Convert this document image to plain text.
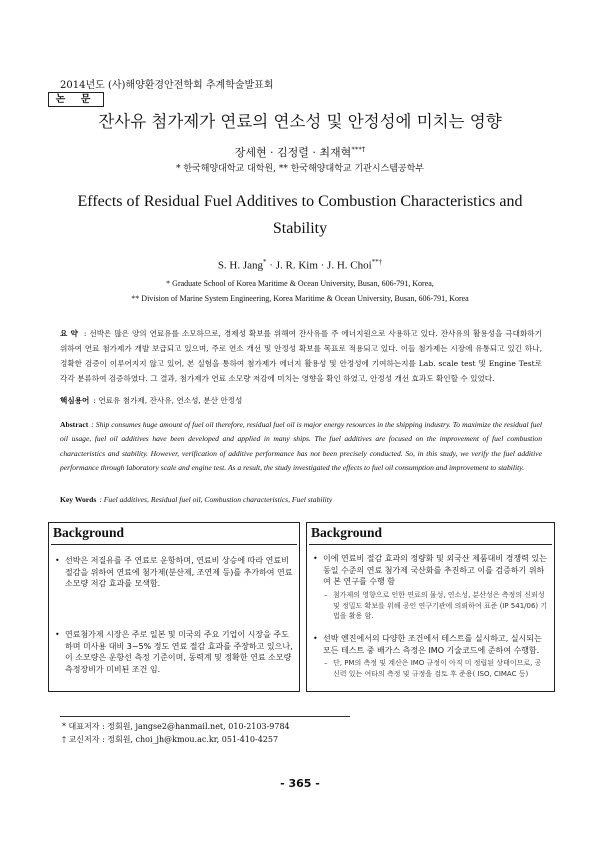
2014년도 (사)해양환경안전학회 추계학술발표회
논 문
잔사유 첨가제가 연료의 연소성 및 안정성에 미치는 영향
장세현 · 김정렬 · 최재혁***†
* 한국해양대학교 대학원, ** 한국해양대학교 기관시스템공학부
Effects of Residual Fuel Additives to Combustion Characteristics and
Stability
S. H. Jang* · J. R. Kim · J. H. Choi**†
* Graduate School of Korea Maritime & Ocean University, Busan, 606-791, Korea,
** Division of Marine System Engineering, Korea Maritime & Ocean University, Busan, 606-791, Korea
요 약 : 선박은 많은 양의 연료유를 소모하므로, 경제성 확보를 위해여 잔사유를 주 에너지원으로 사용하고 있다. 잔사유의 활용성을 극대화하기 위하여 연료 첨가제가 개발 보급되고 있으며, 주로 연소 개선 및 안정성 확보를 목표로 적용되고 있다. 이들 첨가제는 시장에 유통되고 있긴 하나, 정확한 검증이 이루어지지 않고 있어, 본 실험을 통하여 첨가제가 에너지 활용성 및 안정성에 기여하는지를 Lab. scale test 및 Engine Test로 각각 분류하여 검증하였다. 그 결과, 첨가제가 연료 소모량 저감에 미치는 영향을 확인 하였고, 안정성 개선 효과도 확인할 수 있었다.
핵심용어 : 연료유 첨가제, 잔사유, 연소성, 분산 안정성
Abstract : Ship consumes huge amount of fuel oil therefore, residual fuel oil is major energy resources in the shipping industry. To maximize the residual fuel oil usage, fuel oil additives have been developed and applied in many ships. The fuel additives are focused on the improvement of fuel combustion characteristics and stability. However, verification of additive performance has not been precisely conducted. So, in this study, we verify the fuel additive performance through laboratory scale and engine test. As a result, the study investigated the effects to fuel oil consumption and improvement to stability.
Key Words : Fuel additives, Residual fuel oil, Combustion characteristics, Fuel stability
Background
• 선박은 저질유를 주 연료로 운항하며, 연료비 상승에 따라 연료비 절감을 위하여 연료에 첨가제(분산제, 조연제 등)를 추가하여 연료 소모량 저감 효과를 모색함.
• 연료첨가제 시장은 주로 일본 및 미국의 주요 기업이 시장을 주도하며 미사용 대비 3~5% 정도 연료 절감 효과를 주장하고 있으나, 이 소모량은 운항선 측정 기준이며, 동력계 및 정확한 연료 소모량 측정장비가 미비된 조건 임.
Background
• 이에 연료비 절감 효과의 정량화 및 외국산 제품대비 경쟁력 있는 동일 수준의 연료 첨가제 국산화를 추진하고 이를 검증하기 위하여 본 연구를 수행 함
– 첨가제의 영향으로 인한 연료의 물성, 연소성, 분산성은 측정의 신뢰성 및 정밀도 확보를 위해 공인 연구기관에 의뢰하여 표준 (IP 541/06) 기법을 활용 함.
• 선박 엔진에서의 다양한 조건에서 테스트를 실시하고, 실시되는 모든 테스트 중 배가스 측정은 IMO 기술코드에 준하여 수행함.
– 단, PM의 측정 및 계산은 IMO 규정이 아직 미 정립된 상태이므로, 공신력 있는 여타의 측정 및 규정을 검토 후 준용( ISO, CIMAC 등)
* 대표저자 : 정회원, jangse2@hanmail.net, 010-2103-9784
† 교신저자 : 정회원, choi_jh@kmou.ac.kr, 051-410-4257
- 365 -
